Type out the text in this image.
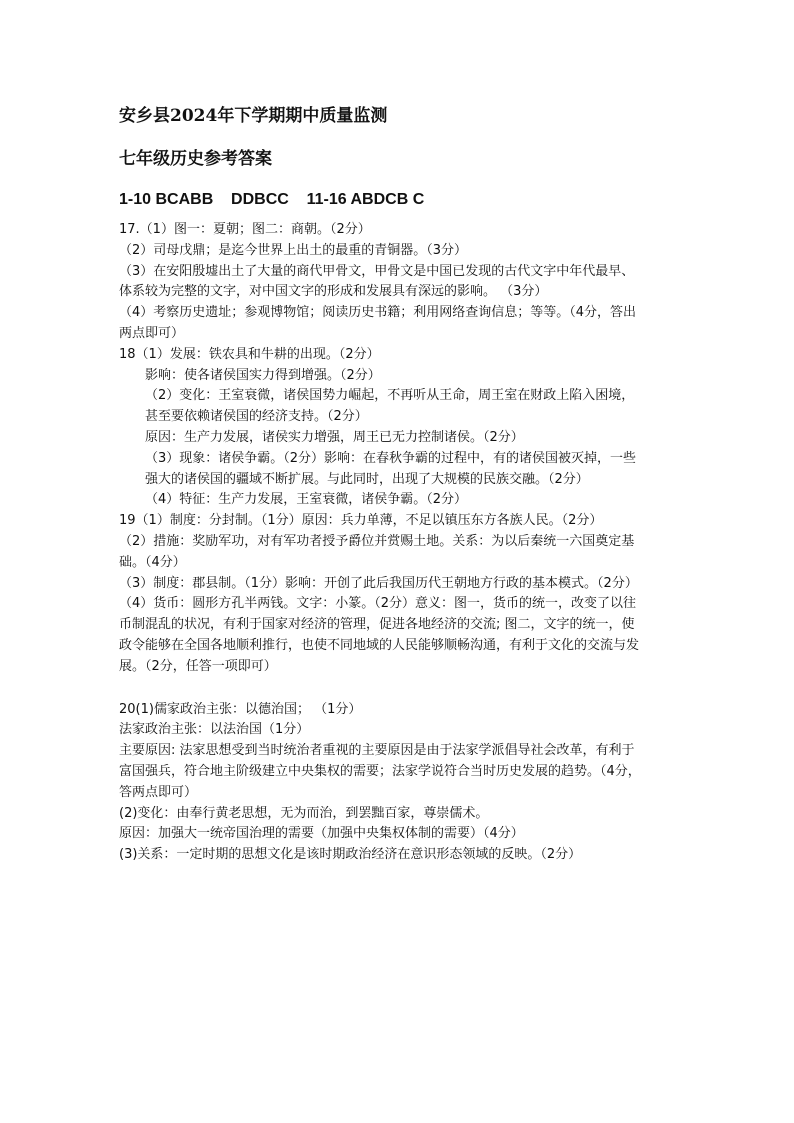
安乡县2024年下学期期中质量监测
七年级历史参考答案
1-10 BCABB    DDBCC    11-16 ABDCB C
17.（1）图一：夏朝；图二：商朝。（2分）
（2）司母戊鼎；是迄今世界上出土的最重的青铜器。（3分）
（3）在安阳殷墟出土了大量的商代甲骨文，甲骨文是中国已发现的古代文字中年代最早、
体系较为完整的文字，对中国文字的形成和发展具有深远的影响。 （3分）
（4）考察历史遗址；参观博物馆；阅读历史书籍；利用网络查询信息；等等。（4分，答出
两点即可）
18（1）发展：铁农具和牛耕的出现。（2分）
影响：使各诸侯国实力得到增强。（2分）
（2）变化：王室衰微，诸侯国势力崛起，不再听从王命，周王室在财政上陷入困境，
甚至要依赖诸侯国的经济支持。（2分）
原因：生产力发展，诸侯实力增强，周王已无力控制诸侯。（2分）
（3）现象：诸侯争霸。（2分）影响：在春秋争霸的过程中，有的诸侯国被灭掉，一些
强大的诸侯国的疆域不断扩展。与此同时，出现了大规模的民族交融。（2分）
（4）特征：生产力发展，王室衰微，诸侯争霸。（2分）
19（1）制度：分封制。（1分）原因：兵力单薄，不足以镇压东方各族人民。（2分）
（2）措施：奖励军功，对有军功者授予爵位并赏赐土地。关系：为以后秦统一六国奠定基
础。（4分）
（3）制度：郡县制。（1分）影响：开创了此后我国历代王朝地方行政的基本模式。（2分）
（4）货币：圆形方孔半两钱。文字：小篆。（2分）意义：图一，货币的统一，改变了以往
币制混乱的状况，有利于国家对经济的管理，促进各地经济的交流; 图二，文字的统一，使
政令能够在全国各地顺利推行，也使不同地域的人民能够顺畅沟通，有利于文化的交流与发
展。（2分，任答一项即可）
20(1)儒家政治主张：以德治国； （1分）
法家政治主张：以法治国（1分）
主要原因: 法家思想受到当时统治者重视的主要原因是由于法家学派倡导社会改革，有利于
富国强兵，符合地主阶级建立中央集权的需要；法家学说符合当时历史发展的趋势。（4分，
答两点即可）
(2)变化：由奉行黄老思想，无为而治，到罢黜百家，尊崇儒术。
原因：加强大一统帝国治理的需要（加强中央集权体制的需要）（4分）
(3)关系：一定时期的思想文化是该时期政治经济在意识形态领域的反映。（2分）
